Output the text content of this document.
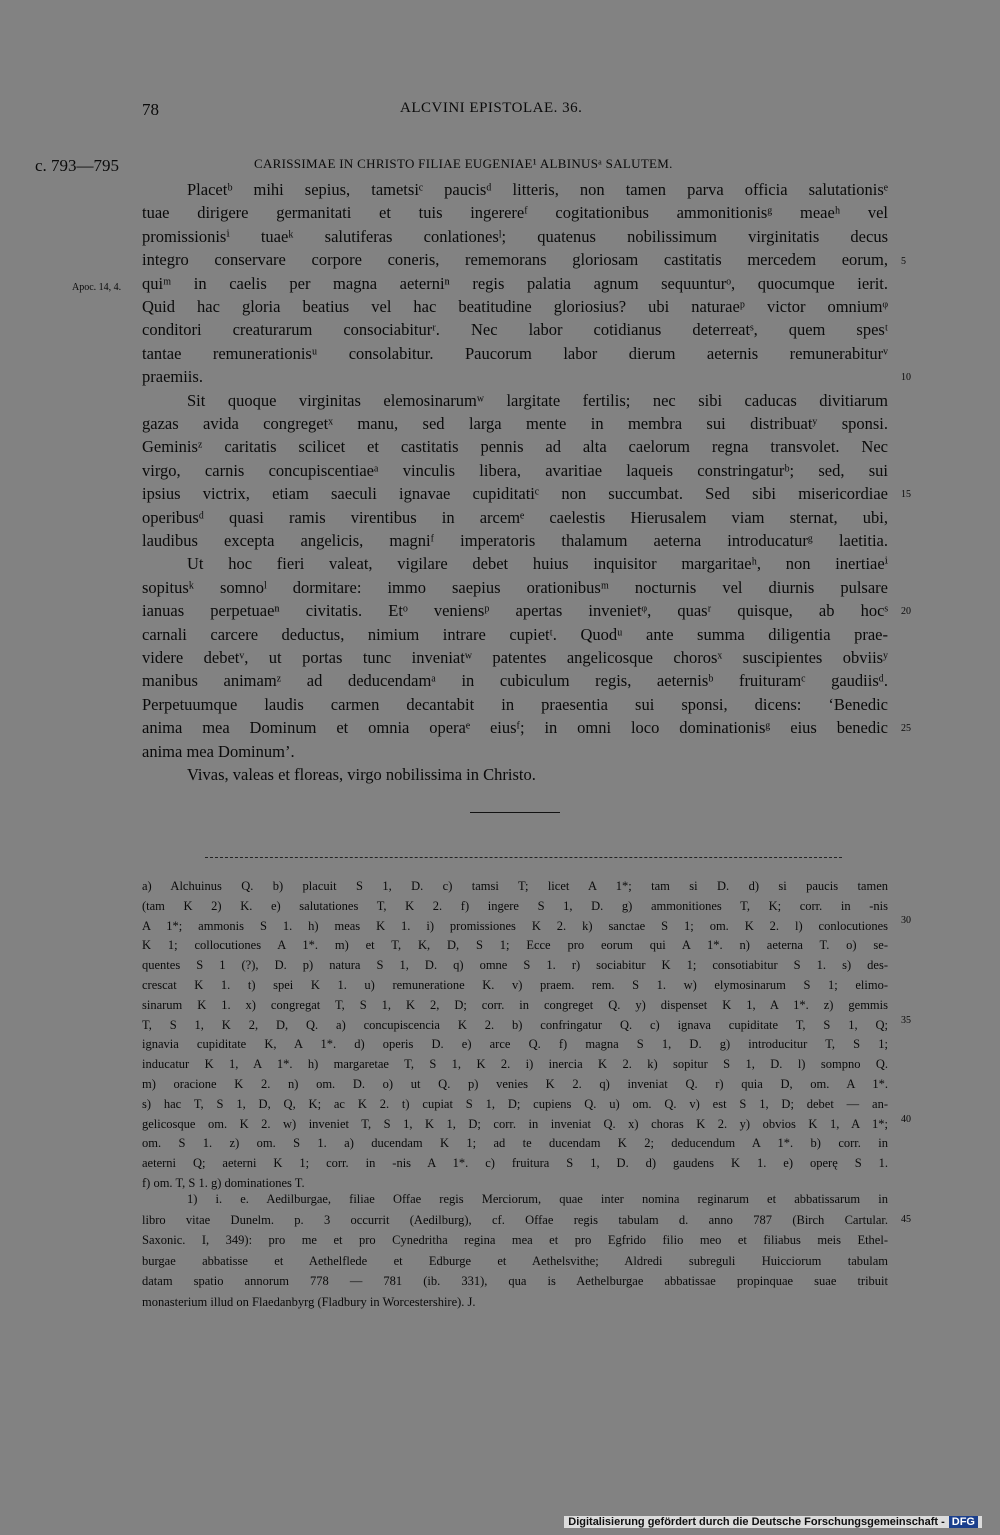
78	ALCVINI EPISTOLAE. 36.
c. 793—795	CARISSIMAE IN CHRISTO FILIAE EUGENIAE¹ ALBINUSᵃ SALUTEM.
Apoc. 14, 4.
Placetᵇ mihi sepius, tametsiᶜ paucisᵈ litteris, non tamen parva officia salutationisᵉ
tuae dirigere germanitati et tuis ingerereᶠ cogitationibus ammonitionisᵍ meaeʰ vel
promissionisⁱ tuaeᵏ salutiferas conlationesˡ; quatenus nobilissimum virginitatis decus
integro conservare corpore coneris, rememorans gloriosam castitatis mercedem eorum,
quiᵐ in caelis per magna aeterniⁿ regis palatia agnum sequunturᵒ, quocumque ierit.
Quid hac gloria beatius vel hac beatitudine gloriosius? ubi naturaeᵖ victor omniumᵠ
conditori creaturarum consociabiturʳ. Nec labor cotidianus deterreatˢ, quem spesᵗ
tantae remunerationisᵘ consolabitur. Paucorum labor dierum aeternis remunerabiturᵛ
praemiis.
Sit quoque virginitas elemosinarumʷ largitate fertilis; nec sibi caducas divitiarum
gazas avida congregetˣ manu, sed larga mente in membra sui distribuatʸ sponsi.
Geminisᶻ caritatis scilicet et castitatis pennis ad alta caelorum regna transvolet. Nec
virgo, carnis concupiscentiaeᵃ vinculis libera, avaritiae laqueis constringaturᵇ; sed, sui
ipsius victrix, etiam saeculi ignavae cupiditatiᶜ non succumbat. Sed sibi misericordiae
operibusᵈ quasi ramis virentibus in arcemᵉ caelestis Hierusalem viam sternat, ubi,
laudibus excepta angelicis, magniᶠ imperatoris thalamum aeterna introducaturᵍ laetitia.
Ut hoc fieri valeat, vigilare debet huius inquisitor margaritaeʰ, non inertiaeⁱ
sopitusᵏ somnoˡ dormitare: immo saepius orationibusᵐ nocturnis vel diurnis pulsare
ianuas perpetuaeⁿ civitatis. Etᵒ veniensᵖ apertas invenietᵠ, quasʳ quisque, ab hocˢ
carnali carcere deductus, nimium intrare cupietᵗ. Quodᵘ ante summa diligentia prae-
videre debetᵛ, ut portas tunc inveniatʷ patentes angelicosque chorosˣ suscipientes obviisʸ
manibus animamᶻ ad deducendamᵃ in cubiculum regis, aeternisᵇ fruituramᶜ gaudiisᵈ.
Perpetuumque laudis carmen decantabit in praesentia sui sponsi, dicens: ‘Benedic
anima mea Dominum et omnia operaᵉ eiusᶠ; in omni loco dominationisᵍ eius benedic
anima mea Dominum’.
Vivas, valeas et floreas, virgo nobilissima in Christo.
a) Alchuinus Q. b) placuit S 1, D. c) tamsi T; licet A 1*; tam si D. d) si paucis tamen
(tam K 2) K. e) salutationes T, K 2. f) ingere S 1, D. g) ammonitiones T, K; corr. in -nis
A 1*; ammonis S 1. h) meas K 1. i) promissiones K 2. k) sanctae S 1; om. K 2. l) conlocutiones
K 1; collocutiones A 1*. m) et T, K, D, S 1; Ecce pro eorum qui A 1*. n) aeterna T. o) se-
quentes S 1 (?), D. p) natura S 1, D. q) omne S 1. r) sociabitur K 1; consotiabitur S 1. s) des-
crescat K 1. t) spei K 1. u) remuneratione K. v) praem. rem. S 1. w) elymosinarum S 1; elimo-
sinarum K 1. x) congregat T, S 1, K 2, D; corr. in congreget Q. y) dispenset K 1, A 1*. z) gemmis
T, S 1, K 2, D, Q. a) concupiscencia K 2. b) confringatur Q. c) ignava cupiditate T, S 1, Q;
ignavia cupiditate K, A 1*. d) operis D. e) arce Q. f) magna S 1, D. g) introducitur T, S 1;
inducatur K 1, A 1*. h) margaretae T, S 1, K 2. i) inercia K 2. k) sopitur S 1, D. l) sompno Q.
m) oracione K 2. n) om. D. o) ut Q. p) venies K 2. q) inveniat Q. r) quia D, om. A 1*.
s) hac T, S 1, D, Q, K; ac K 2. t) cupiat S 1, D; cupiens Q. u) om. Q. v) est S 1, D; debet — an-
gelicosque om. K 2. w) inveniet T, S 1, K 1, D; corr. in inveniat Q. x) choras K 2. y) obvios K 1, A 1*;
om. S 1. z) om. S 1. a) ducendam K 1; ad te ducendam K 2; deducendum A 1*. b) corr. in
aeterni Q; aeterni K 1; corr. in -nis A 1*. c) fruitura S 1, D. d) gaudens K 1. e) operę S 1.
f) om. T, S 1. g) dominationes T.
1) i. e. Aedilburgae, filiae Offae regis Merciorum, quae inter nomina reginarum et abbatissarum in
libro vitae Dunelm. p. 3 occurrit (Aedilburg), cf. Offae regis tabulam d. anno 787 (Birch Cartular.
Saxonic. I, 349): pro me et pro Cynedritha regina mea et pro Egfrido filio meo et filiabus meis Ethel-
burgae abbatisse et Aethelflede et Edburge et Aethelsvithe; Aldredi subreguli Huicciorum tabulam
datam spatio annorum 778 — 781 (ib. 331), qua is Aethelburgae abbatissae propinquae suae tribuit
monasterium illud on Flaedanbyrg (Fladbury in Worcestershire). J.
Digitalisierung gefördert durch die Deutsche Forschungsgemeinschaft - DFG
5
10
15
20
25
30
35
40
45
